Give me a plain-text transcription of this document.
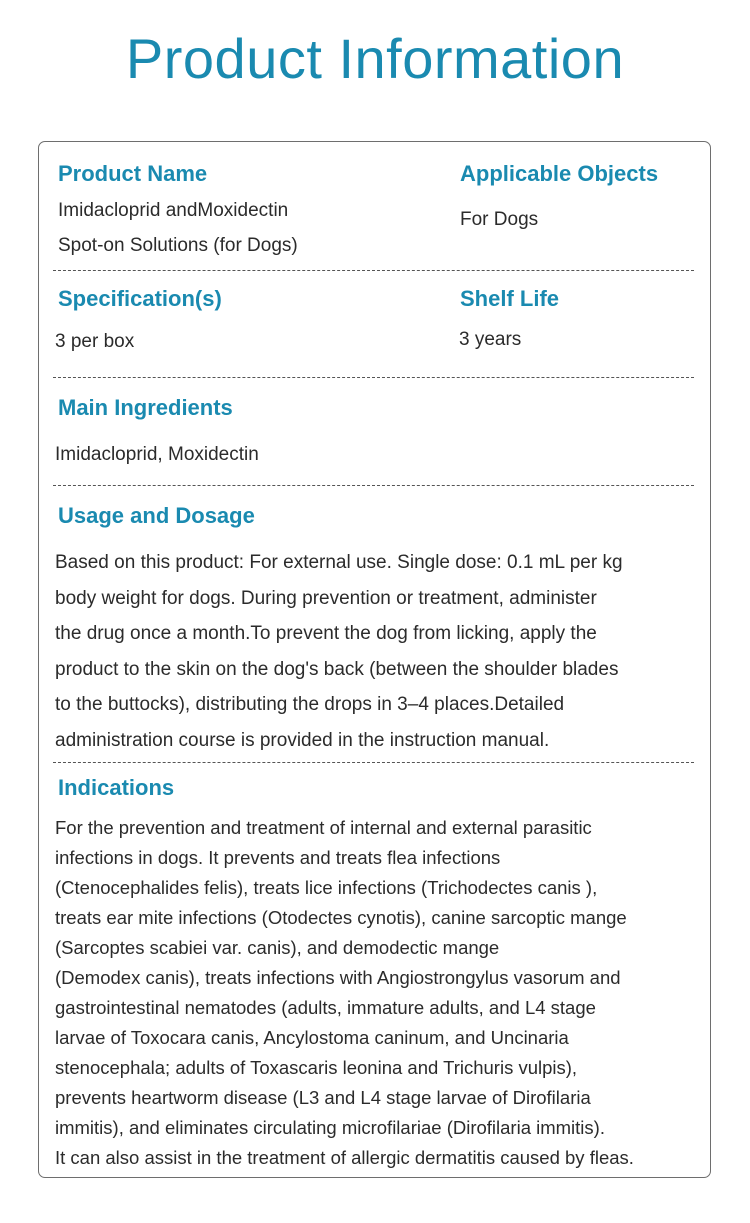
Product Information
Product Name
Imidacloprid andMoxidectin
Spot-on Solutions (for Dogs)
Applicable Objects
For Dogs
Specification(s)
3 per box
Shelf Life
3 years
Main Ingredients
Imidacloprid, Moxidectin
Usage and Dosage
Based on this product: For external use. Single dose: 0.1 mL per kg
body weight for dogs. During prevention or treatment, administer
the drug once a month.To prevent the dog from licking, apply the
product to the skin on the dog's back (between the shoulder blades
to the buttocks), distributing the drops in 3–4 places.Detailed
administration course is provided in the instruction manual.
Indications
For the prevention and treatment of internal and external parasitic
infections in dogs. It prevents and treats flea infections
(Ctenocephalides felis), treats lice infections (Trichodectes canis ),
treats ear mite infections (Otodectes cynotis), canine sarcoptic mange
(Sarcoptes scabiei var. canis), and demodectic mange
(Demodex canis), treats infections with Angiostrongylus vasorum and
gastrointestinal nematodes (adults, immature adults, and L4 stage
larvae of Toxocara canis, Ancylostoma caninum, and Uncinaria
stenocephala; adults of Toxascaris leonina and Trichuris vulpis),
prevents heartworm disease (L3 and L4 stage larvae of Dirofilaria
immitis), and eliminates circulating microfilariae (Dirofilaria immitis).
It can also assist in the treatment of allergic dermatitis caused by fleas.
